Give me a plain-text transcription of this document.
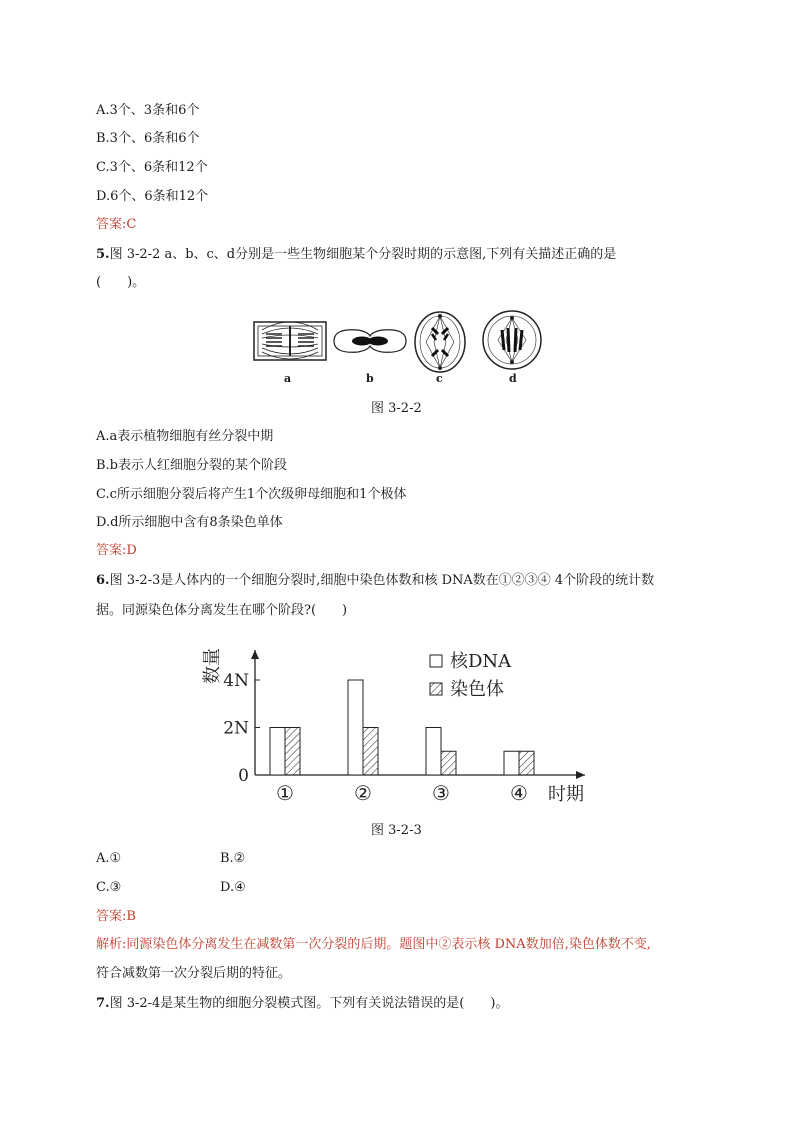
A.3个、3条和6个
B.3个、6条和6个
C.3个、6条和12个
D.6个、6条和12个
答案:C
5.图 3-2-2 a、b、c、d分别是一些生物细胞某个分裂时期的示意图,下列有关描述正确的是
(　　)。
a	b	c	d
图 3-2-2
A.a表示植物细胞有丝分裂中期
B.b表示人红细胞分裂的某个阶段
C.c所示细胞分裂后将产生1个次级卵母细胞和1个极体
D.d所示细胞中含有8条染色单体
答案:D
6.图 3-2-3是人体内的一个细胞分裂时,细胞中染色体数和核 DNA数在①②③④ 4个阶段的统计数
据。同源染色体分离发生在哪个阶段?(　　)
0
2N
4N
①	②	③	④
核DNA
染色体
数量
时期
图 3-2-3
A.①	B.②
C.③	D.④
答案:B
解析:同源染色体分离发生在减数第一次分裂的后期。题图中②表示核 DNA数加倍,染色体数不变,
符合减数第一次分裂后期的特征。
7.图 3-2-4是某生物的细胞分裂模式图。下列有关说法错误的是(　　)。
